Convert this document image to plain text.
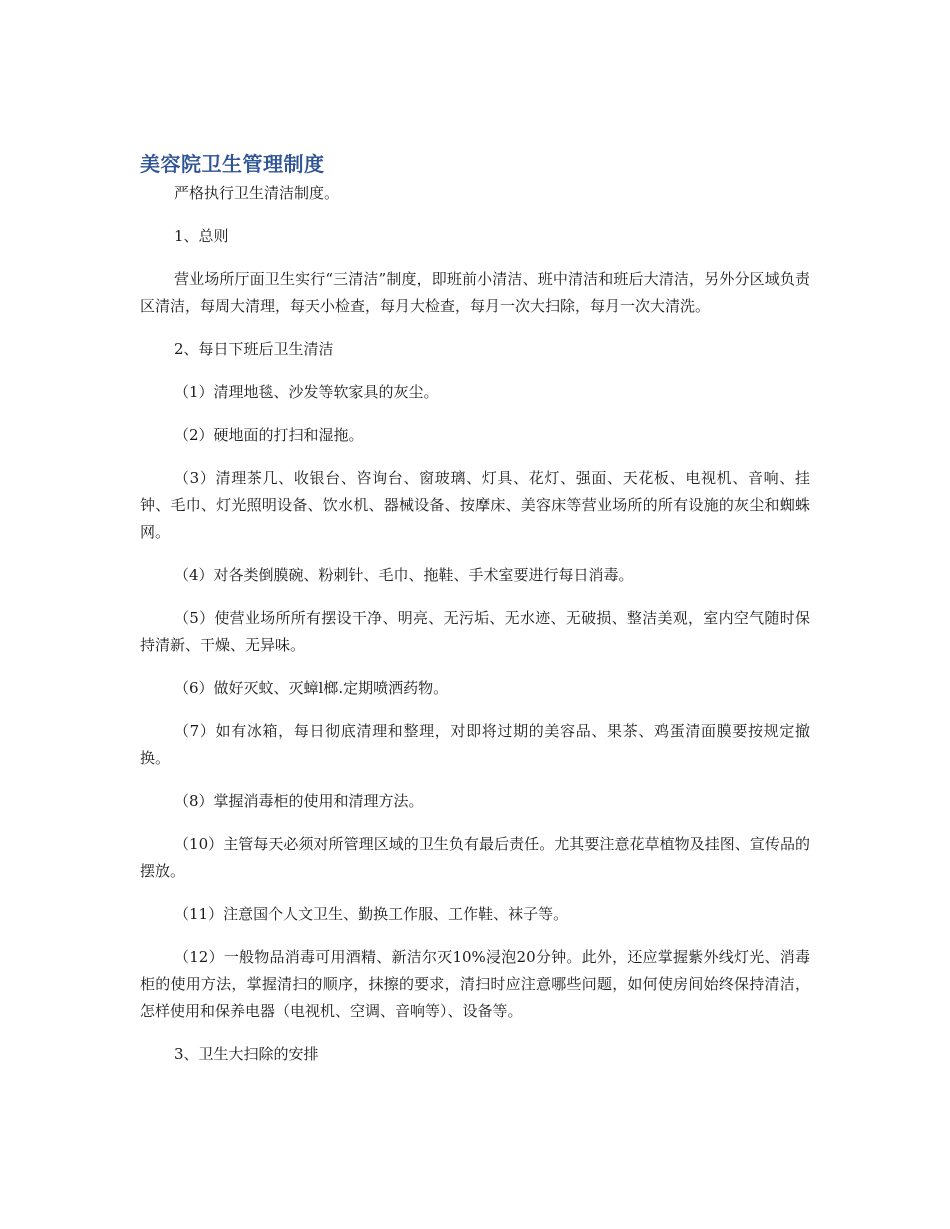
美容院卫生管理制度

严格执行卫生清洁制度。

1、总则

营业场所厅面卫生实行“三清洁”制度，即班前小清洁、班中清洁和班后大清洁，另外分区域负责区清洁，每周大清理，每天小检查，每月大检查，每月一次大扫除，每月一次大清洗。

2、每日下班后卫生清洁

（1）清理地毯、沙发等软家具的灰尘。

（2）硬地面的打扫和湿拖。

（3）清理茶几、收银台、咨询台、窗玻璃、灯具、花灯、强面、天花板、电视机、音响、挂钟、毛巾、灯光照明设备、饮水机、器械设备、按摩床、美容床等营业场所的所有设施的灰尘和蜘蛛网。

（4）对各类倒膜碗、粉刺针、毛巾、拖鞋、手术室要进行每日消毒。

（5）使营业场所所有摆设干净、明亮、无污垢、无水迹、无破损、整洁美观，室内空气随时保持清新、干燥、无异味。

（6）做好灭蚊、灭蟑l榔.定期喷洒药物。

（7）如有冰箱，每日彻底清理和整理，对即将过期的美容品、果茶、鸡蛋清面膜要按规定撤换。

（8）掌握消毒柜的使用和清理方法。

（10）主管每天必须对所管理区域的卫生负有最后责任。尤其要注意花草植物及挂图、宣传品的摆放。

（11）注意国个人文卫生、勤换工作服、工作鞋、袜子等。

（12）一般物品消毒可用酒精、新洁尔灭10%浸泡20分钟。此外，还应掌握紫外线灯光、消毒柜的使用方法，掌握清扫的顺序，抹擦的要求，清扫时应注意哪些问题，如何使房间始终保持清洁，怎样使用和保养电器（电视机、空调、音响等）、设备等。

3、卫生大扫除的安排
